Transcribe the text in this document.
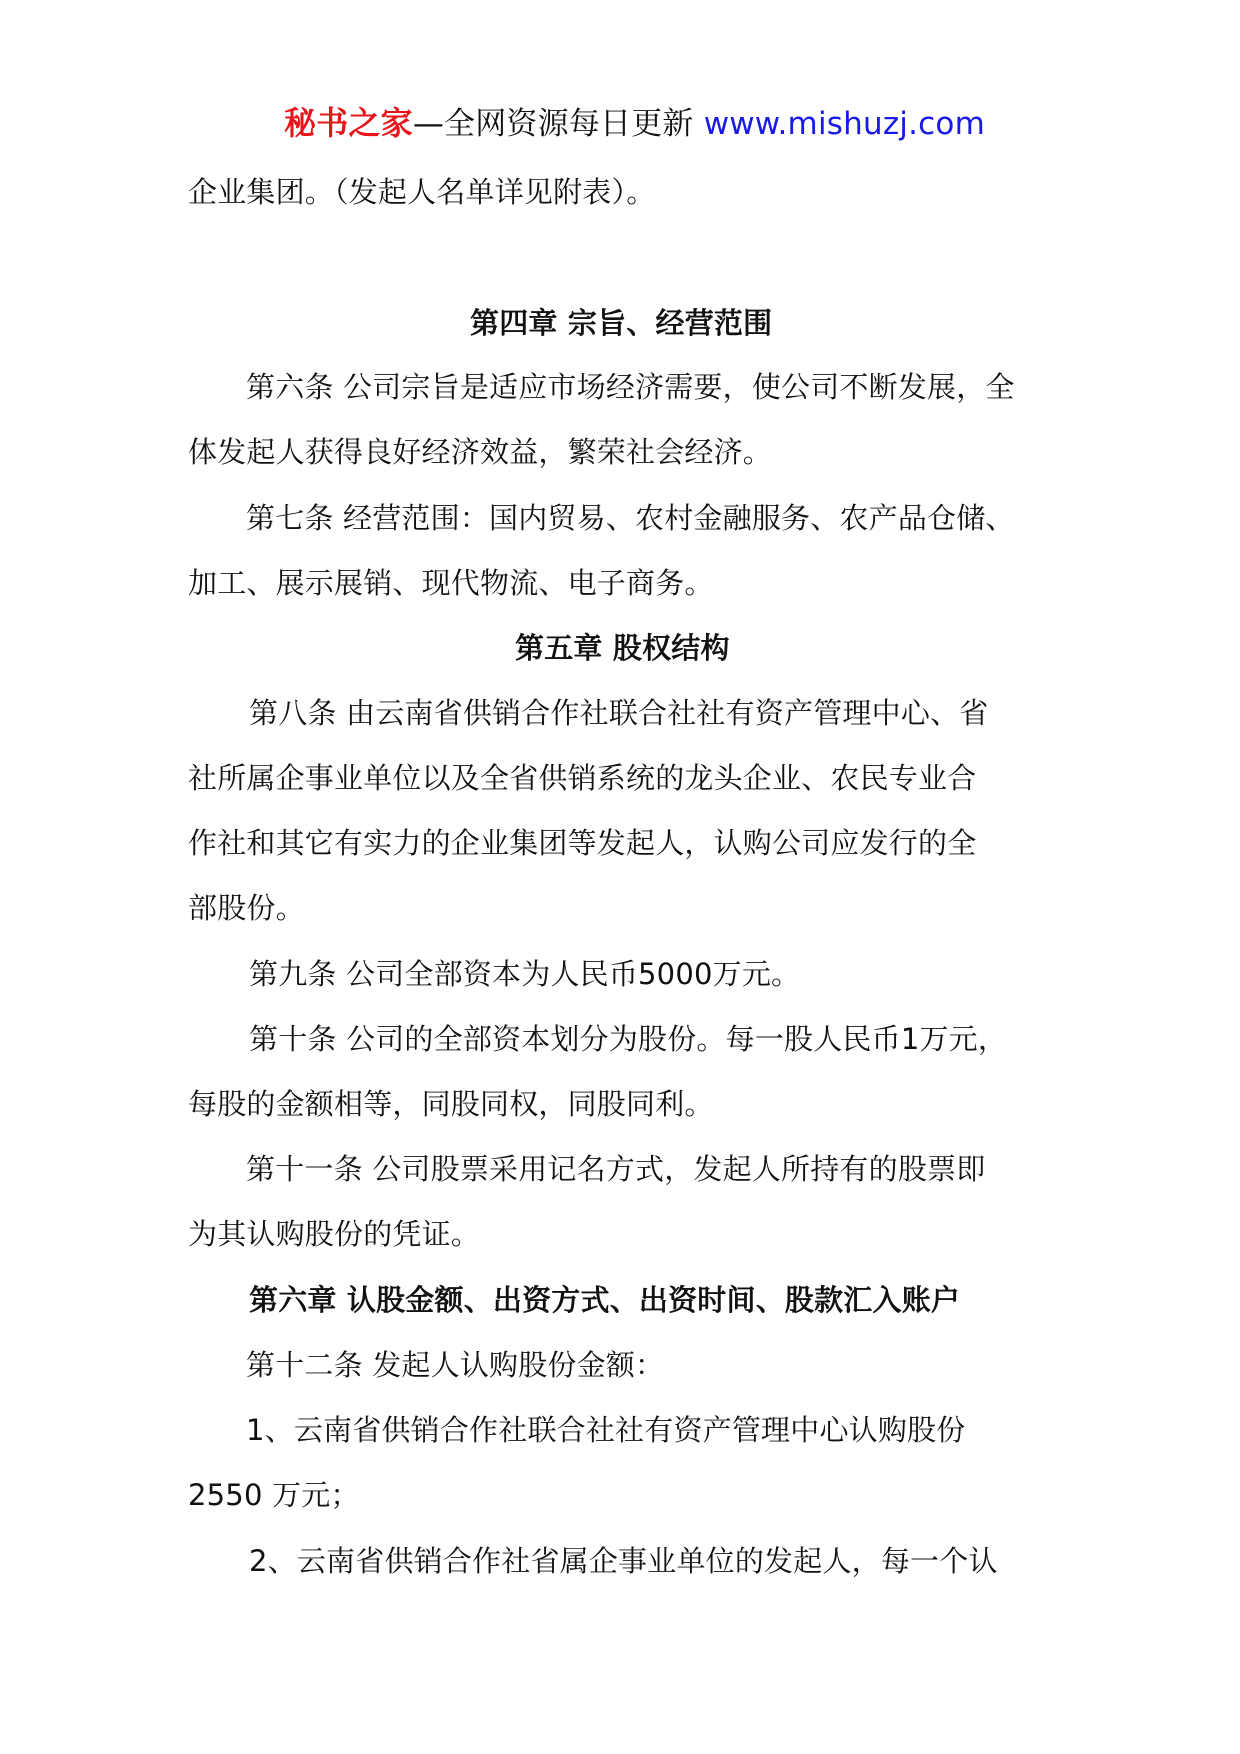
秘书之家—全网资源每日更新 www.mishuzj.com
企业集团。（发起人名单详见附表）。
第四章 宗旨、经营范围
第六条 公司宗旨是适应市场经济需要，使公司不断发展，全
体发起人获得良好经济效益，繁荣社会经济。
第七条 经营范围：国内贸易、农村金融服务、农产品仓储、
加工、展示展销、现代物流、电子商务。
第五章 股权结构
第八条 由云南省供销合作社联合社社有资产管理中心、省
社所属企事业单位以及全省供销系统的龙头企业、农民专业合
作社和其它有实力的企业集团等发起人，认购公司应发行的全
部股份。
第九条 公司全部资本为人民币5000万元。
第十条 公司的全部资本划分为股份。每一股人民币1万元，
每股的金额相等，同股同权，同股同利。
第十一条 公司股票采用记名方式，发起人所持有的股票即
为其认购股份的凭证。
第六章 认股金额、出资方式、出资时间、股款汇入账户
第十二条 发起人认购股份金额：
1、云南省供销合作社联合社社有资产管理中心认购股份
2550 万元；
2、云南省供销合作社省属企事业单位的发起人，每一个认
